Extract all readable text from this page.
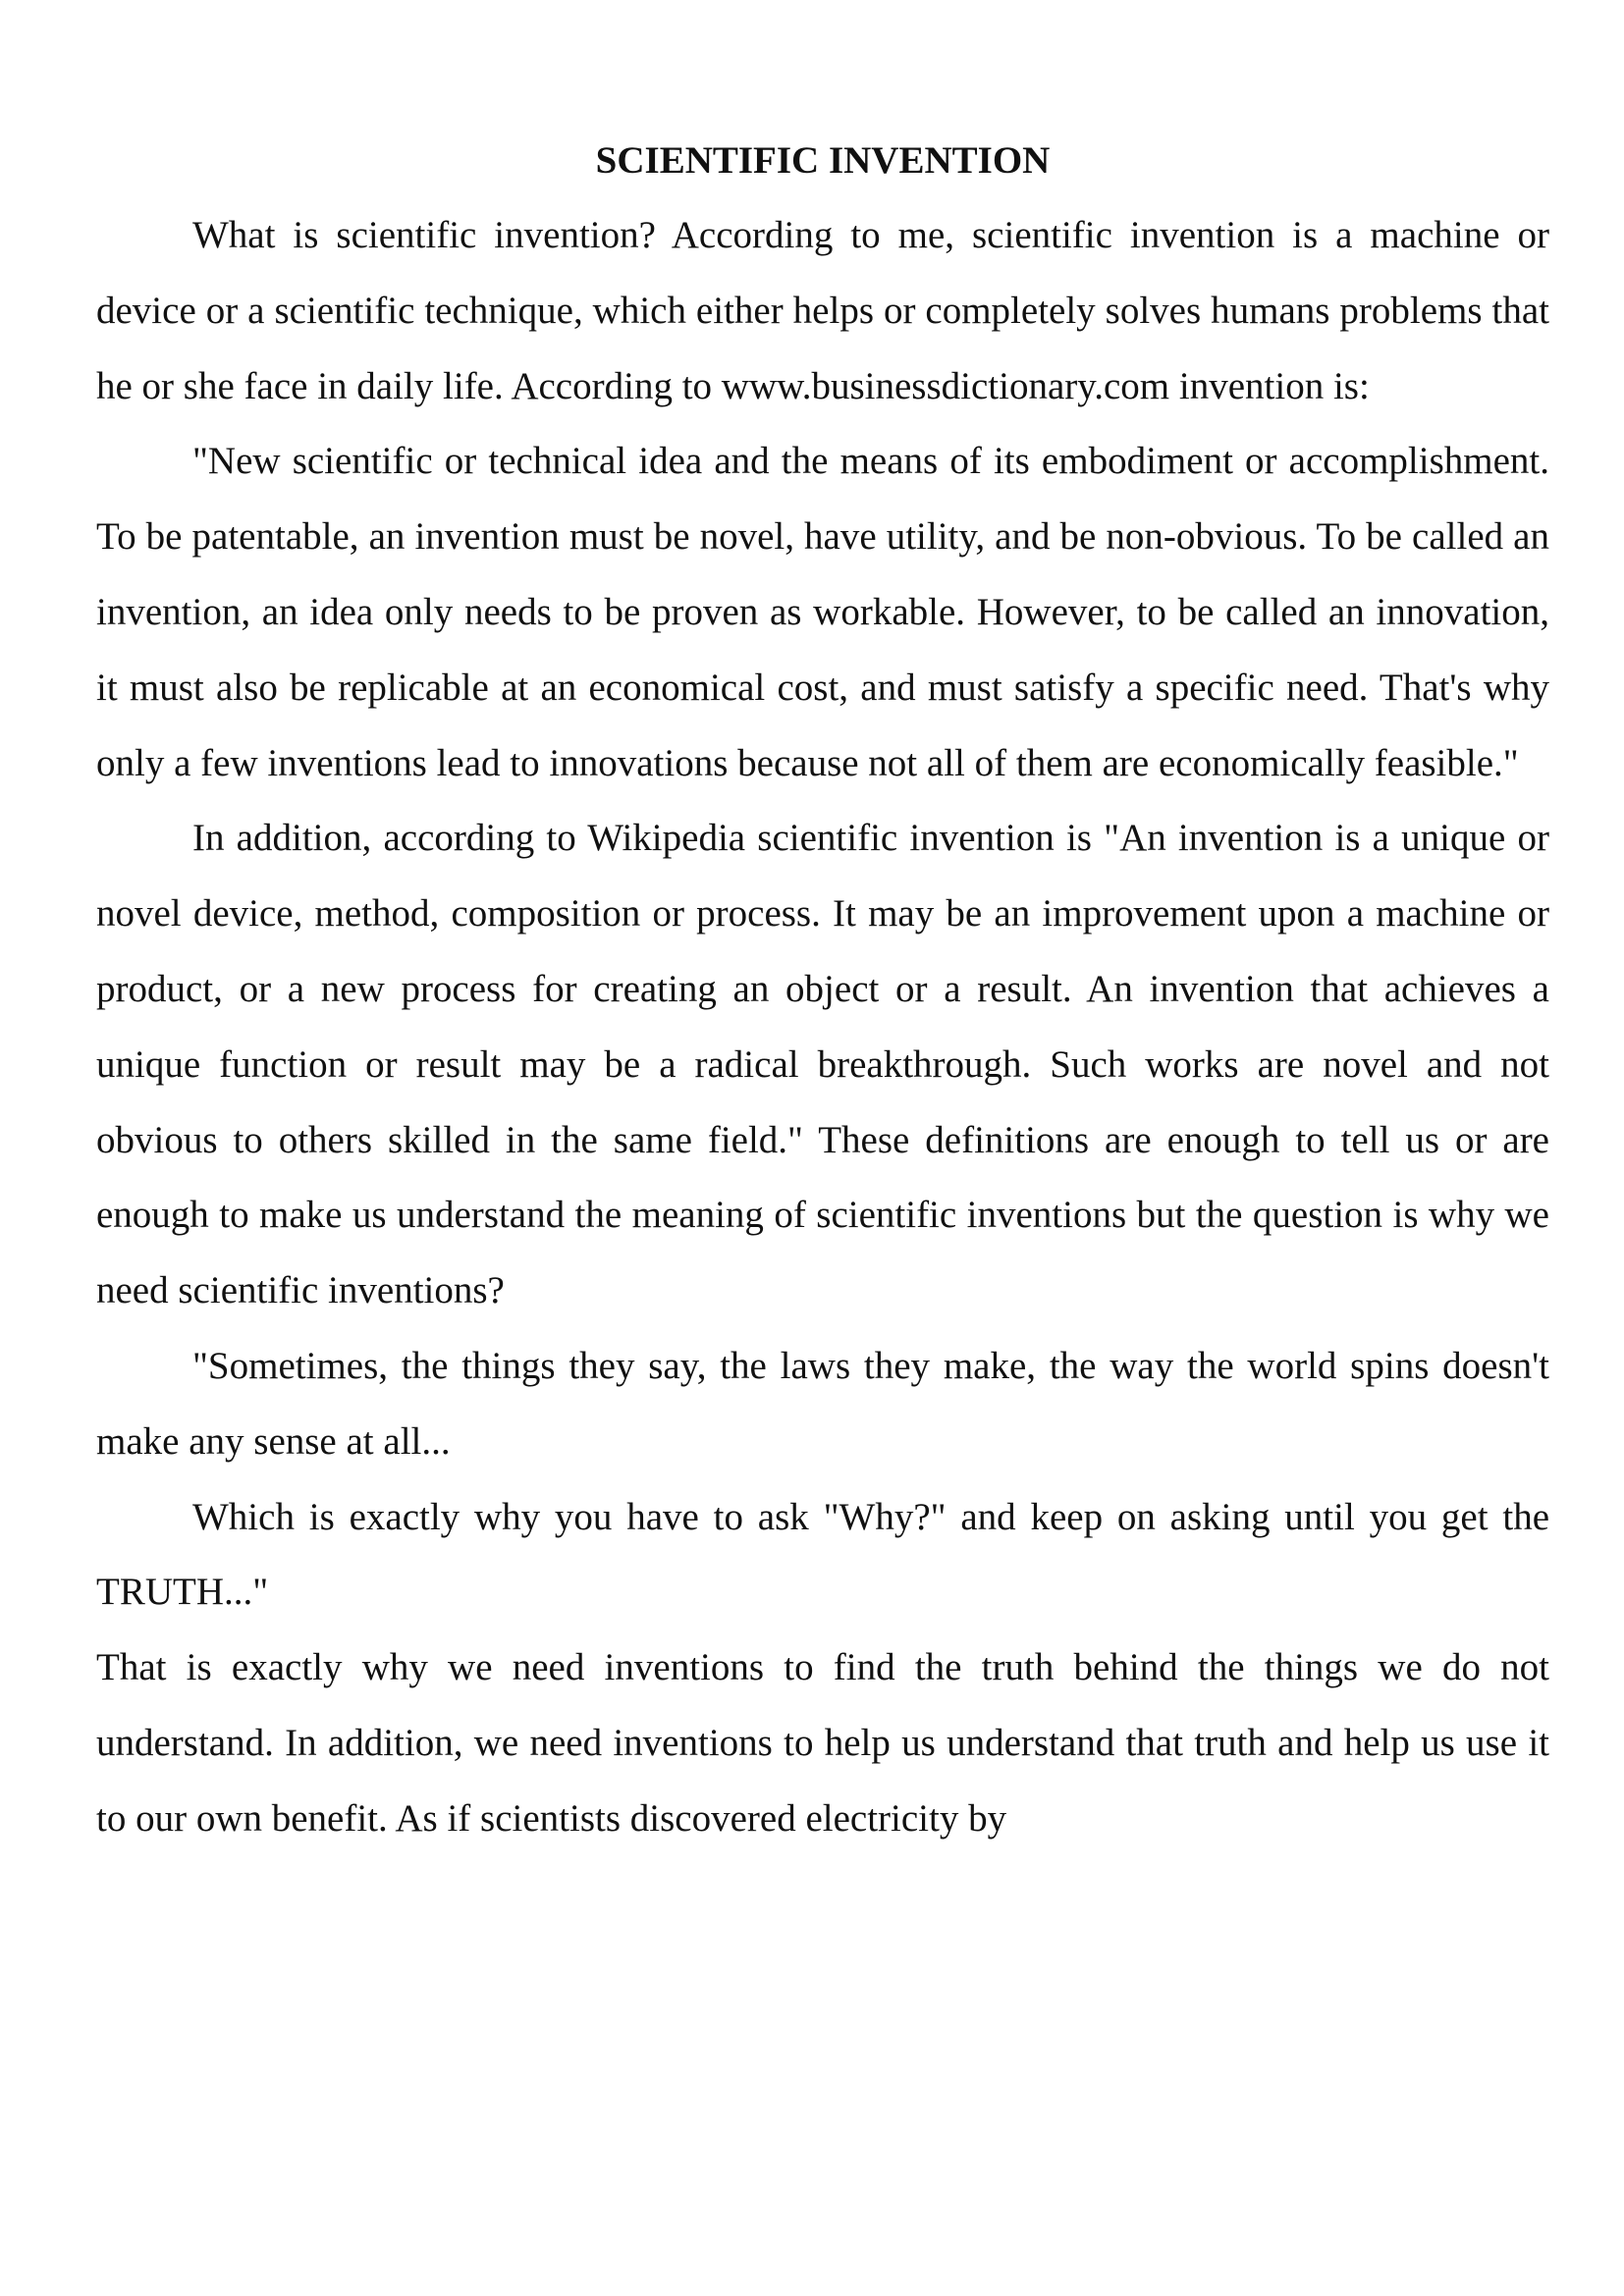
SCIENTIFIC INVENTION

What is scientific invention? According to me, scientific invention is a machine or device or a scientific technique, which either helps or completely solves humans problems that he or she face in daily life. According to www.businessdictionary.com invention is:

"New scientific or technical idea and the means of its embodiment or accomplishment. To be patentable, an invention must be novel, have utility, and be non-obvious. To be called an invention, an idea only needs to be proven as workable. However, to be called an innovation, it must also be replicable at an economical cost, and must satisfy a specific need. That's why only a few inventions lead to innovations because not all of them are economically feasible."

In addition, according to Wikipedia scientific invention is "An invention is a unique or novel device, method, composition or process. It may be an improvement upon a machine or product, or a new process for creating an object or a result. An invention that achieves a unique function or result may be a radical breakthrough. Such works are novel and not obvious to others skilled in the same field." These definitions are enough to tell us or are enough to make us understand the meaning of scientific inventions but the question is why we need scientific inventions?

"Sometimes, the things they say, the laws they make, the way the world spins doesn't make any sense at all...

Which is exactly why you have to ask "Why?" and keep on asking until you get the TRUTH..."

That is exactly why we need inventions to find the truth behind the things we do not understand. In addition, we need inventions to help us understand that truth and help us use it to our own benefit. As if scientists discovered electricity by
